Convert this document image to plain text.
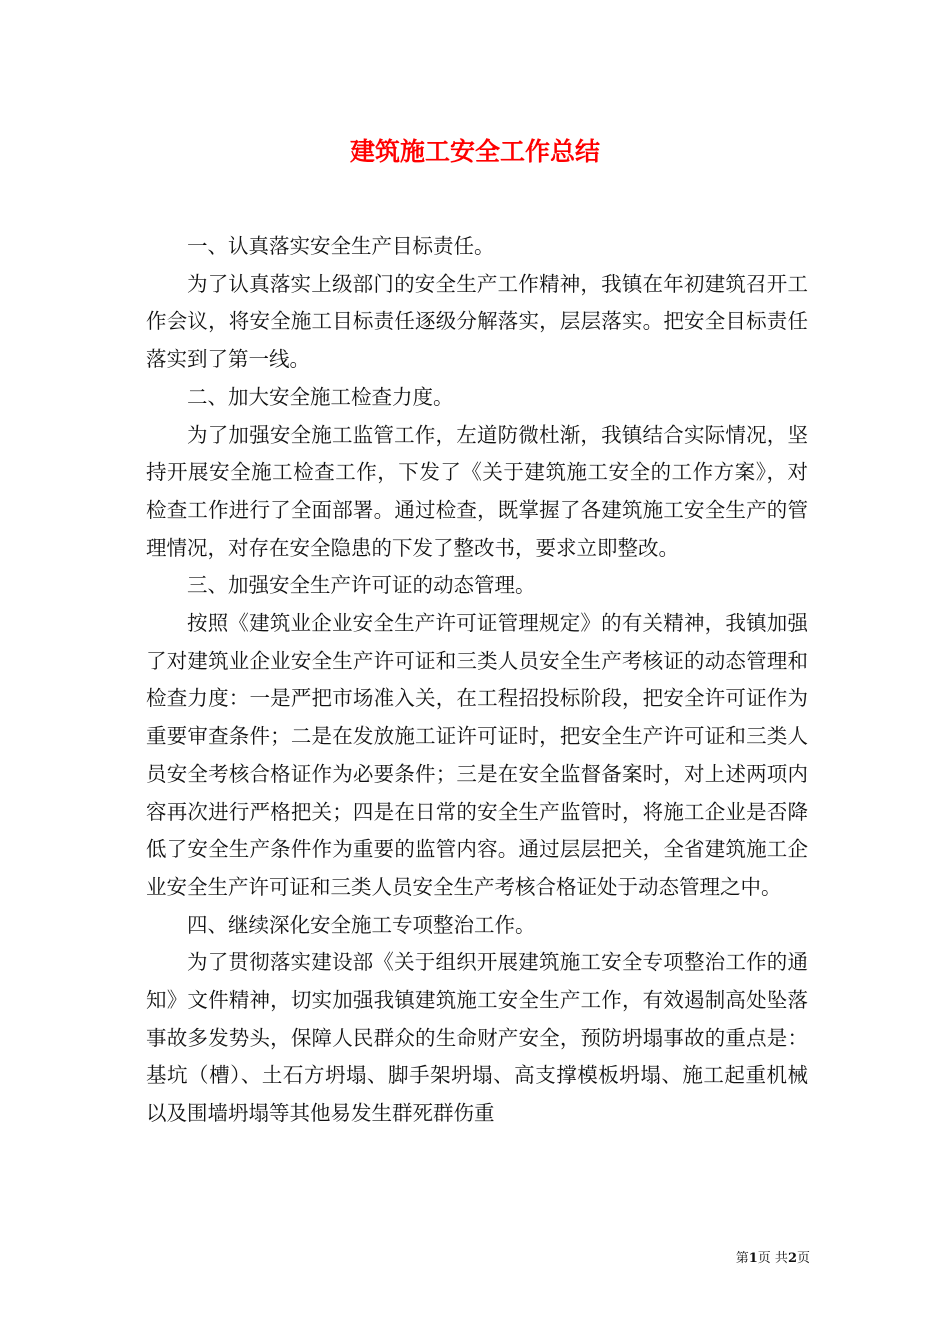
建筑施工安全工作总结

一、认真落实安全生产目标责任。

为了认真落实上级部门的安全生产工作精神，我镇在年初建筑召开工作会议，将安全施工目标责任逐级分解落实，层层落实。把安全目标责任落实到了第一线。

二、加大安全施工检查力度。

为了加强安全施工监管工作，左道防微杜渐，我镇结合实际情况，坚持开展安全施工检查工作，下发了《关于建筑施工安全的工作方案》，对检查工作进行了全面部署。通过检查，既掌握了各建筑施工安全生产的管理情况，对存在安全隐患的下发了整改书，要求立即整改。

三、加强安全生产许可证的动态管理。

按照《建筑业企业安全生产许可证管理规定》的有关精神，我镇加强了对建筑业企业安全生产许可证和三类人员安全生产考核证的动态管理和检查力度：一是严把市场准入关，在工程招投标阶段，把安全许可证作为重要审查条件；二是在发放施工证许可证时，把安全生产许可证和三类人员安全考核合格证作为必要条件；三是在安全监督备案时，对上述两项内容再次进行严格把关；四是在日常的安全生产监管时，将施工企业是否降低了安全生产条件作为重要的监管内容。通过层层把关，全省建筑施工企业安全生产许可证和三类人员安全生产考核合格证处于动态管理之中。

四、继续深化安全施工专项整治工作。

为了贯彻落实建设部《关于组织开展建筑施工安全专项整治工作的通知》文件精神，切实加强我镇建筑施工安全生产工作，有效遏制高处坠落事故多发势头，保障人民群众的生命财产安全，预防坍塌事故的重点是：基坑（槽）、土石方坍塌、脚手架坍塌、高支撑模板坍塌、施工起重机械以及围墙坍塌等其他易发生群死群伤重

第1页 共2页
